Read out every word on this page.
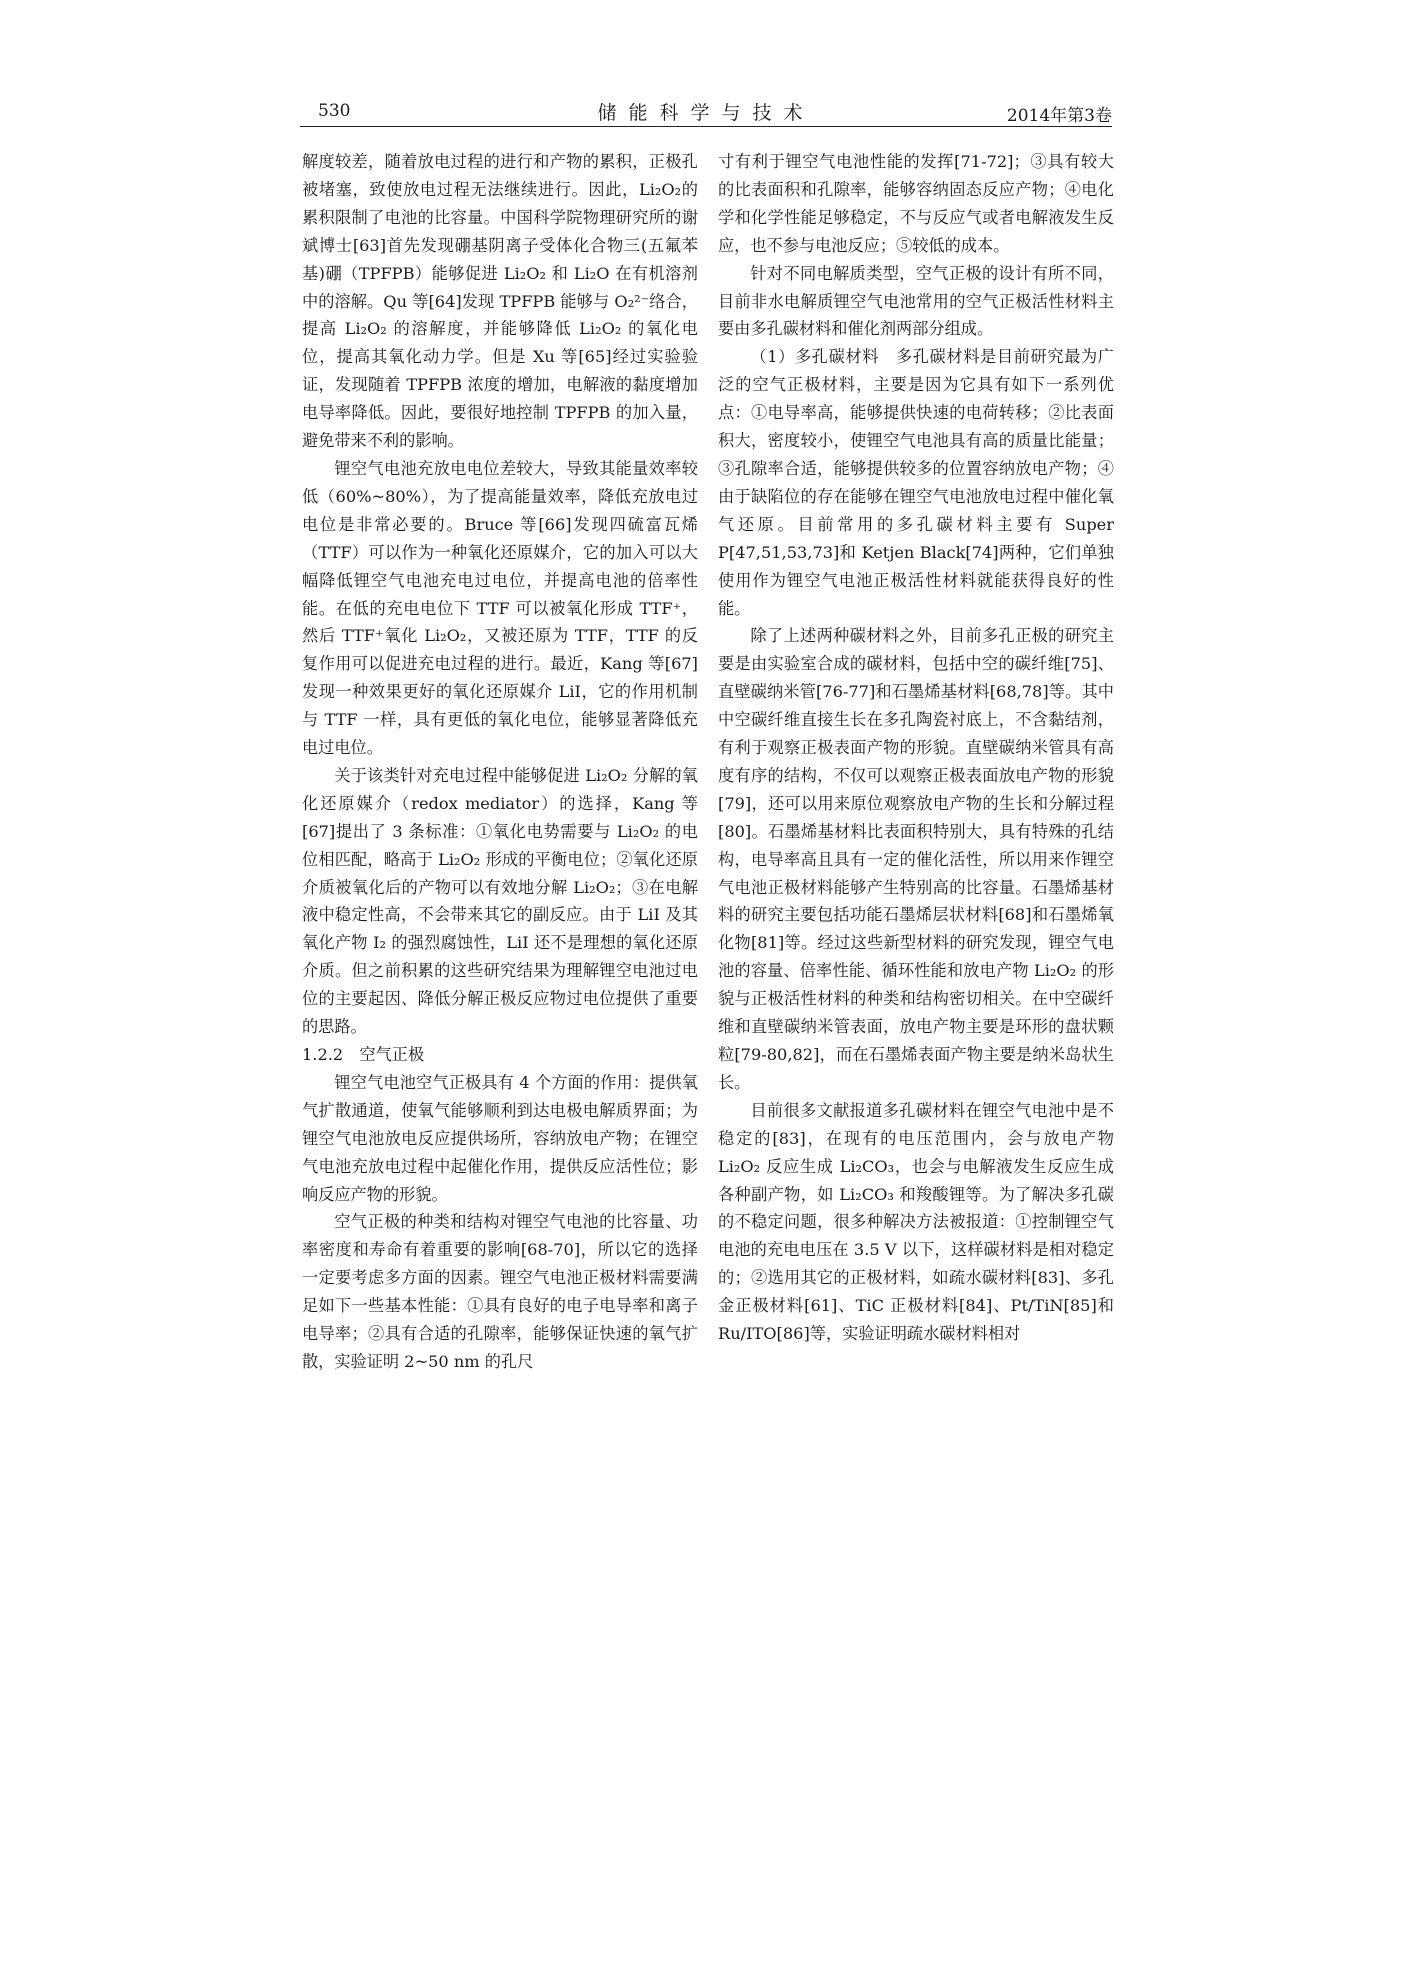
530	储能科学与技术	2014年第3卷

解度较差，随着放电过程的进行和产物的累积，正极孔被堵塞，致使放电过程无法继续进行。因此，Li₂O₂的累积限制了电池的比容量。中国科学院物理研究所的谢斌博士[63]首先发现硼基阴离子受体化合物三(五氟苯基)硼（TPFPB）能够促进 Li₂O₂ 和 Li₂O 在有机溶剂中的溶解。Qu 等[64]发现 TPFPB 能够与 O₂²⁻络合，提高 Li₂O₂ 的溶解度，并能够降低 Li₂O₂ 的氧化电位，提高其氧化动力学。但是 Xu 等[65]经过实验验证，发现随着 TPFPB 浓度的增加，电解液的黏度增加电导率降低。因此，要很好地控制 TPFPB 的加入量，避免带来不利的影响。

锂空气电池充放电电位差较大，导致其能量效率较低（60%~80%），为了提高能量效率，降低充放电过电位是非常必要的。Bruce 等[66]发现四硫富瓦烯（TTF）可以作为一种氧化还原媒介，它的加入可以大幅降低锂空气电池充电过电位，并提高电池的倍率性能。在低的充电电位下 TTF 可以被氧化形成 TTF⁺，然后 TTF⁺氧化 Li₂O₂，又被还原为 TTF，TTF 的反复作用可以促进充电过程的进行。最近，Kang 等[67]发现一种效果更好的氧化还原媒介 LiI，它的作用机制与 TTF 一样，具有更低的氧化电位，能够显著降低充电过电位。

关于该类针对充电过程中能够促进 Li₂O₂ 分解的氧化还原媒介（redox mediator）的选择，Kang 等[67]提出了 3 条标准：①氧化电势需要与 Li₂O₂ 的电位相匹配，略高于 Li₂O₂ 形成的平衡电位；②氧化还原介质被氧化后的产物可以有效地分解 Li₂O₂；③在电解液中稳定性高，不会带来其它的副反应。由于 LiI 及其氧化产物 I₂ 的强烈腐蚀性，LiI 还不是理想的氧化还原介质。但之前积累的这些研究结果为理解锂空电池过电位的主要起因、降低分解正极反应物过电位提供了重要的思路。

1.2.2　空气正极

锂空气电池空气正极具有 4 个方面的作用：提供氧气扩散通道，使氧气能够顺利到达电极电解质界面；为锂空气电池放电反应提供场所，容纳放电产物；在锂空气电池充放电过程中起催化作用，提供反应活性位；影响反应产物的形貌。

空气正极的种类和结构对锂空气电池的比容量、功率密度和寿命有着重要的影响[68-70]，所以它的选择一定要考虑多方面的因素。锂空气电池正极材料需要满足如下一些基本性能：①具有良好的电子电导率和离子电导率；②具有合适的孔隙率，能够保证快速的氧气扩散，实验证明 2~50 nm 的孔尺

寸有利于锂空气电池性能的发挥[71-72]；③具有较大的比表面积和孔隙率，能够容纳固态反应产物；④电化学和化学性能足够稳定，不与反应气或者电解液发生反应，也不参与电池反应；⑤较低的成本。

针对不同电解质类型，空气正极的设计有所不同，目前非水电解质锂空气电池常用的空气正极活性材料主要由多孔碳材料和催化剂两部分组成。

（1）多孔碳材料　多孔碳材料是目前研究最为广泛的空气正极材料，主要是因为它具有如下一系列优点：①电导率高，能够提供快速的电荷转移；②比表面积大，密度较小，使锂空气电池具有高的质量比能量；③孔隙率合适，能够提供较多的位置容纳放电产物；④由于缺陷位的存在能够在锂空气电池放电过程中催化氧气还原。目前常用的多孔碳材料主要有 Super P[47,51,53,73]和 Ketjen Black[74]两种，它们单独使用作为锂空气电池正极活性材料就能获得良好的性能。

除了上述两种碳材料之外，目前多孔正极的研究主要是由实验室合成的碳材料，包括中空的碳纤维[75]、直壁碳纳米管[76-77]和石墨烯基材料[68,78]等。其中中空碳纤维直接生长在多孔陶瓷衬底上，不含黏结剂，有利于观察正极表面产物的形貌。直壁碳纳米管具有高度有序的结构，不仅可以观察正极表面放电产物的形貌[79]，还可以用来原位观察放电产物的生长和分解过程[80]。石墨烯基材料比表面积特别大，具有特殊的孔结构，电导率高且具有一定的催化活性，所以用来作锂空气电池正极材料能够产生特别高的比容量。石墨烯基材料的研究主要包括功能石墨烯层状材料[68]和石墨烯氧化物[81]等。经过这些新型材料的研究发现，锂空气电池的容量、倍率性能、循环性能和放电产物 Li₂O₂ 的形貌与正极活性材料的种类和结构密切相关。在中空碳纤维和直壁碳纳米管表面，放电产物主要是环形的盘状颗粒[79-80,82]，而在石墨烯表面产物主要是纳米岛状生长。

目前很多文献报道多孔碳材料在锂空气电池中是不稳定的[83]，在现有的电压范围内，会与放电产物 Li₂O₂ 反应生成 Li₂CO₃，也会与电解液发生反应生成各种副产物，如 Li₂CO₃ 和羧酸锂等。为了解决多孔碳的不稳定问题，很多种解决方法被报道：①控制锂空气电池的充电电压在 3.5 V 以下，这样碳材料是相对稳定的；②选用其它的正极材料，如疏水碳材料[83]、多孔金正极材料[61]、TiC 正极材料[84]、Pt/TiN[85]和 Ru/ITO[86]等，实验证明疏水碳材料相对
